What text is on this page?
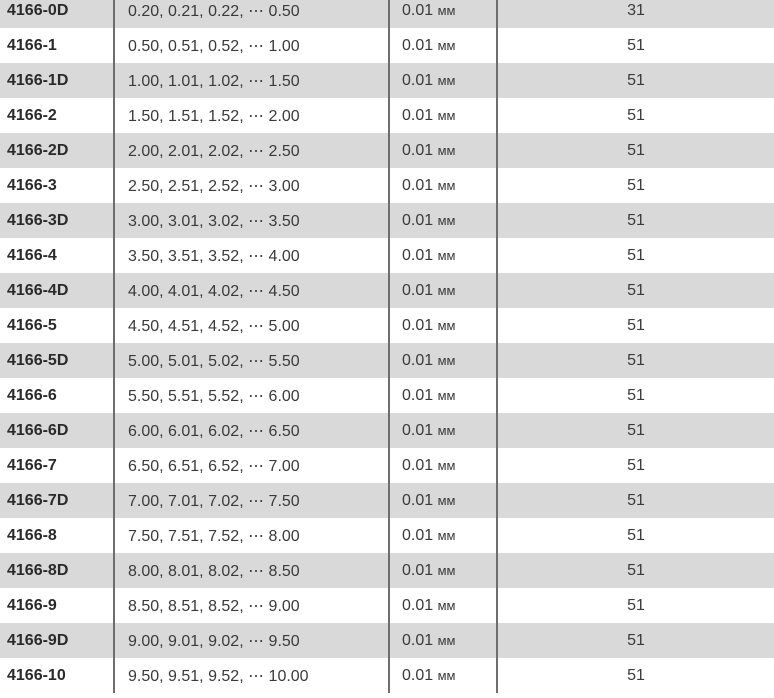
4166-0D	0.20, 0.21, 0.22, ⋯ 0.50	0.01 мм	31
4166-1	0.50, 0.51, 0.52, ⋯ 1.00	0.01 мм	51
4166-1D	1.00, 1.01, 1.02, ⋯ 1.50	0.01 мм	51
4166-2	1.50, 1.51, 1.52, ⋯ 2.00	0.01 мм	51
4166-2D	2.00, 2.01, 2.02, ⋯ 2.50	0.01 мм	51
4166-3	2.50, 2.51, 2.52, ⋯ 3.00	0.01 мм	51
4166-3D	3.00, 3.01, 3.02, ⋯ 3.50	0.01 мм	51
4166-4	3.50, 3.51, 3.52, ⋯ 4.00	0.01 мм	51
4166-4D	4.00, 4.01, 4.02, ⋯ 4.50	0.01 мм	51
4166-5	4.50, 4.51, 4.52, ⋯ 5.00	0.01 мм	51
4166-5D	5.00, 5.01, 5.02, ⋯ 5.50	0.01 мм	51
4166-6	5.50, 5.51, 5.52, ⋯ 6.00	0.01 мм	51
4166-6D	6.00, 6.01, 6.02, ⋯ 6.50	0.01 мм	51
4166-7	6.50, 6.51, 6.52, ⋯ 7.00	0.01 мм	51
4166-7D	7.00, 7.01, 7.02, ⋯ 7.50	0.01 мм	51
4166-8	7.50, 7.51, 7.52, ⋯ 8.00	0.01 мм	51
4166-8D	8.00, 8.01, 8.02, ⋯ 8.50	0.01 мм	51
4166-9	8.50, 8.51, 8.52, ⋯ 9.00	0.01 мм	51
4166-9D	9.00, 9.01, 9.02, ⋯ 9.50	0.01 мм	51
4166-10	9.50, 9.51, 9.52, ⋯ 10.00	0.01 мм	51
